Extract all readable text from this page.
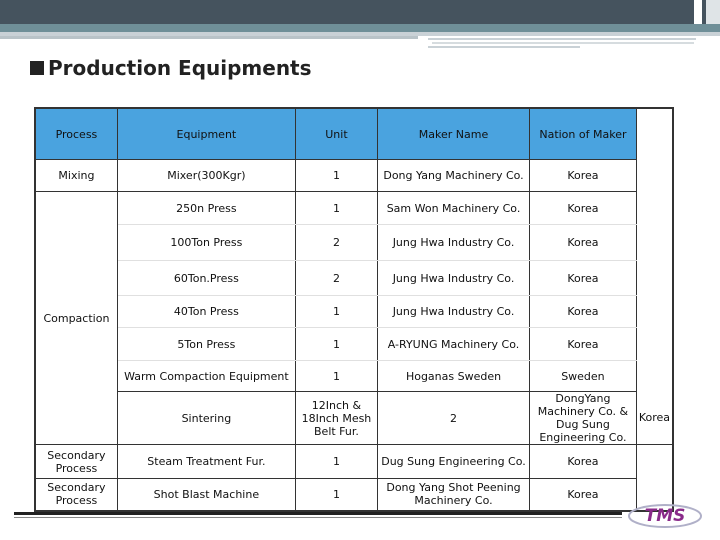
Production Equipments
Process	Equipment	Unit	Maker Name	Nation of Maker	
Mixing	Mixer(300Kgr)	1	Dong Yang Machinery Co.	Korea	
Compaction	250n Press	1	Sam Won Machinery Co.	Korea	
	100Ton Press	2	Jung Hwa Industry Co.	Korea	
	60Ton.Press	2	Jung Hwa Industry Co.	Korea	
	40Ton Press	1	Jung Hwa Industry Co.	Korea	
	5Ton Press	1	A-RYUNG Machinery Co.	Korea	
	Warm Compaction Equipment	1	Hoganas Sweden	Sweden	
	Sintering	12Inch & 18Inch Mesh Belt Fur.	2	DongYang Machinery Co. & Dug Sung Engineering Co.	Korea
Secondary Process	Steam Treatment Fur.	1	Dug Sung Engineering Co.	Korea	
Secondary Process	Shot Blast Machine	1	Dong Yang Shot Peening Machinery Co.	Korea	
TMS
